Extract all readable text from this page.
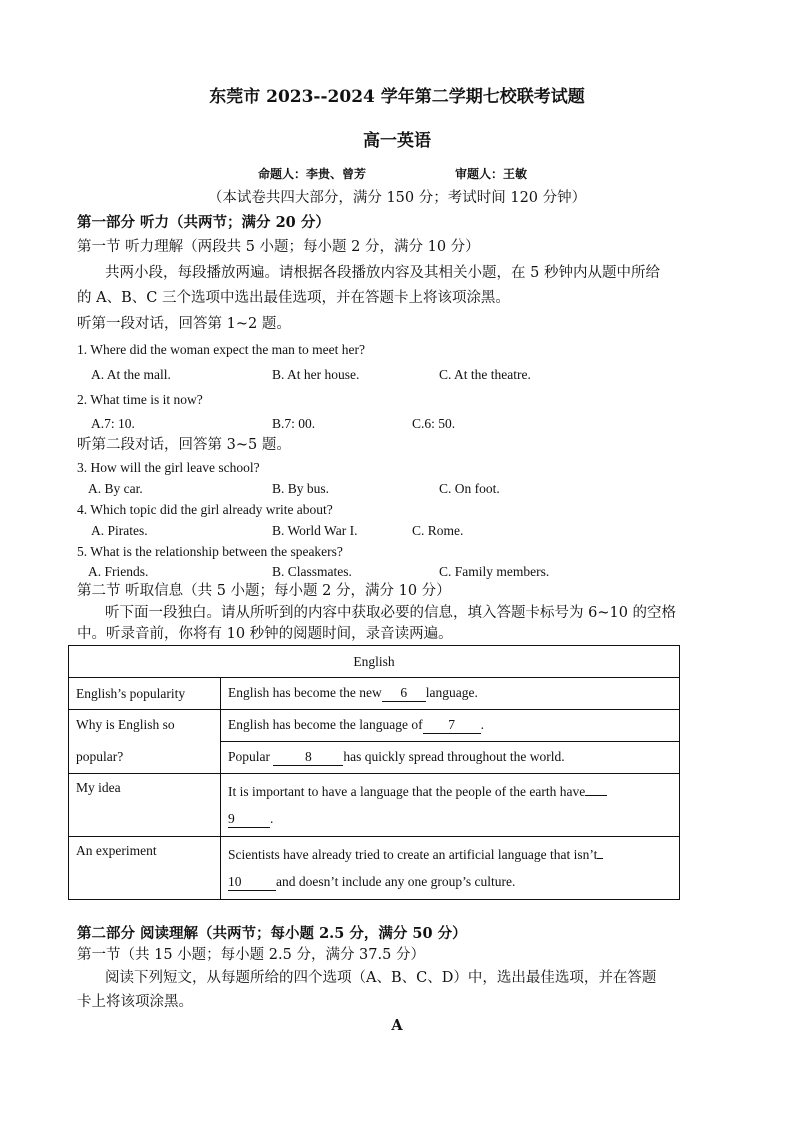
东莞市 2023--2024 学年第二学期七校联考试题
高一英语
命题人：李贵、曾芳	审题人：王敏
（本试卷共四大部分，满分 150 分；考试时间 120 分钟）
第一部分 听力（共两节；满分 20 分）
第一节 听力理解（两段共 5 小题；每小题 2 分，满分 10 分）
共两小段，每段播放两遍。请根据各段播放内容及其相关小题，在 5 秒钟内从题中所给
的 A、B、C 三个选项中选出最佳选项，并在答题卡上将该项涂黑。
听第一段对话，回答第 1~2 题。
1. Where did the woman expect the man to meet her?
A. At the mall.	B. At her house.	C. At the theatre.
2. What time is it now?
A.7: 10.	B.7: 00.	C.6: 50.
听第二段对话，回答第 3~5 题。
3. How will the girl leave school?
A. By car.	B. By bus.	C. On foot.
4. Which topic did the girl already write about?
A. Pirates.	B. World War I.	C. Rome.
5. What is the relationship between the speakers?
A. Friends.	B. Classmates.	C. Family members.
第二节 听取信息（共 5 小题；每小题 2 分，满分 10 分）
听下面一段独白。请从所听到的内容中获取必要的信息，填入答题卡标号为 6~10 的空格
中。听录音前，你将有 10 秒钟的阅题时间，录音读两遍。
English	
English’s popularity	English has become the new 6 language.

Why is English so
popular?	English has become the language of 7 .
	Popular 8 has quickly spread throughout the world.
My idea	It is important to have a language that the people of the earth have
9 .

An experiment	Scientists have already tried to create an artificial language that isn’t
10 and doesn’t include any one group’s culture.
第二部分 阅读理解（共两节；每小题 2.5 分，满分 50 分）
第一节（共 15 小题；每小题 2.5 分，满分 37.5 分）
阅读下列短文，从每题所给的四个选项（A、B、C、D）中，选出最佳选项，并在答题
卡上将该项涂黑。
A
